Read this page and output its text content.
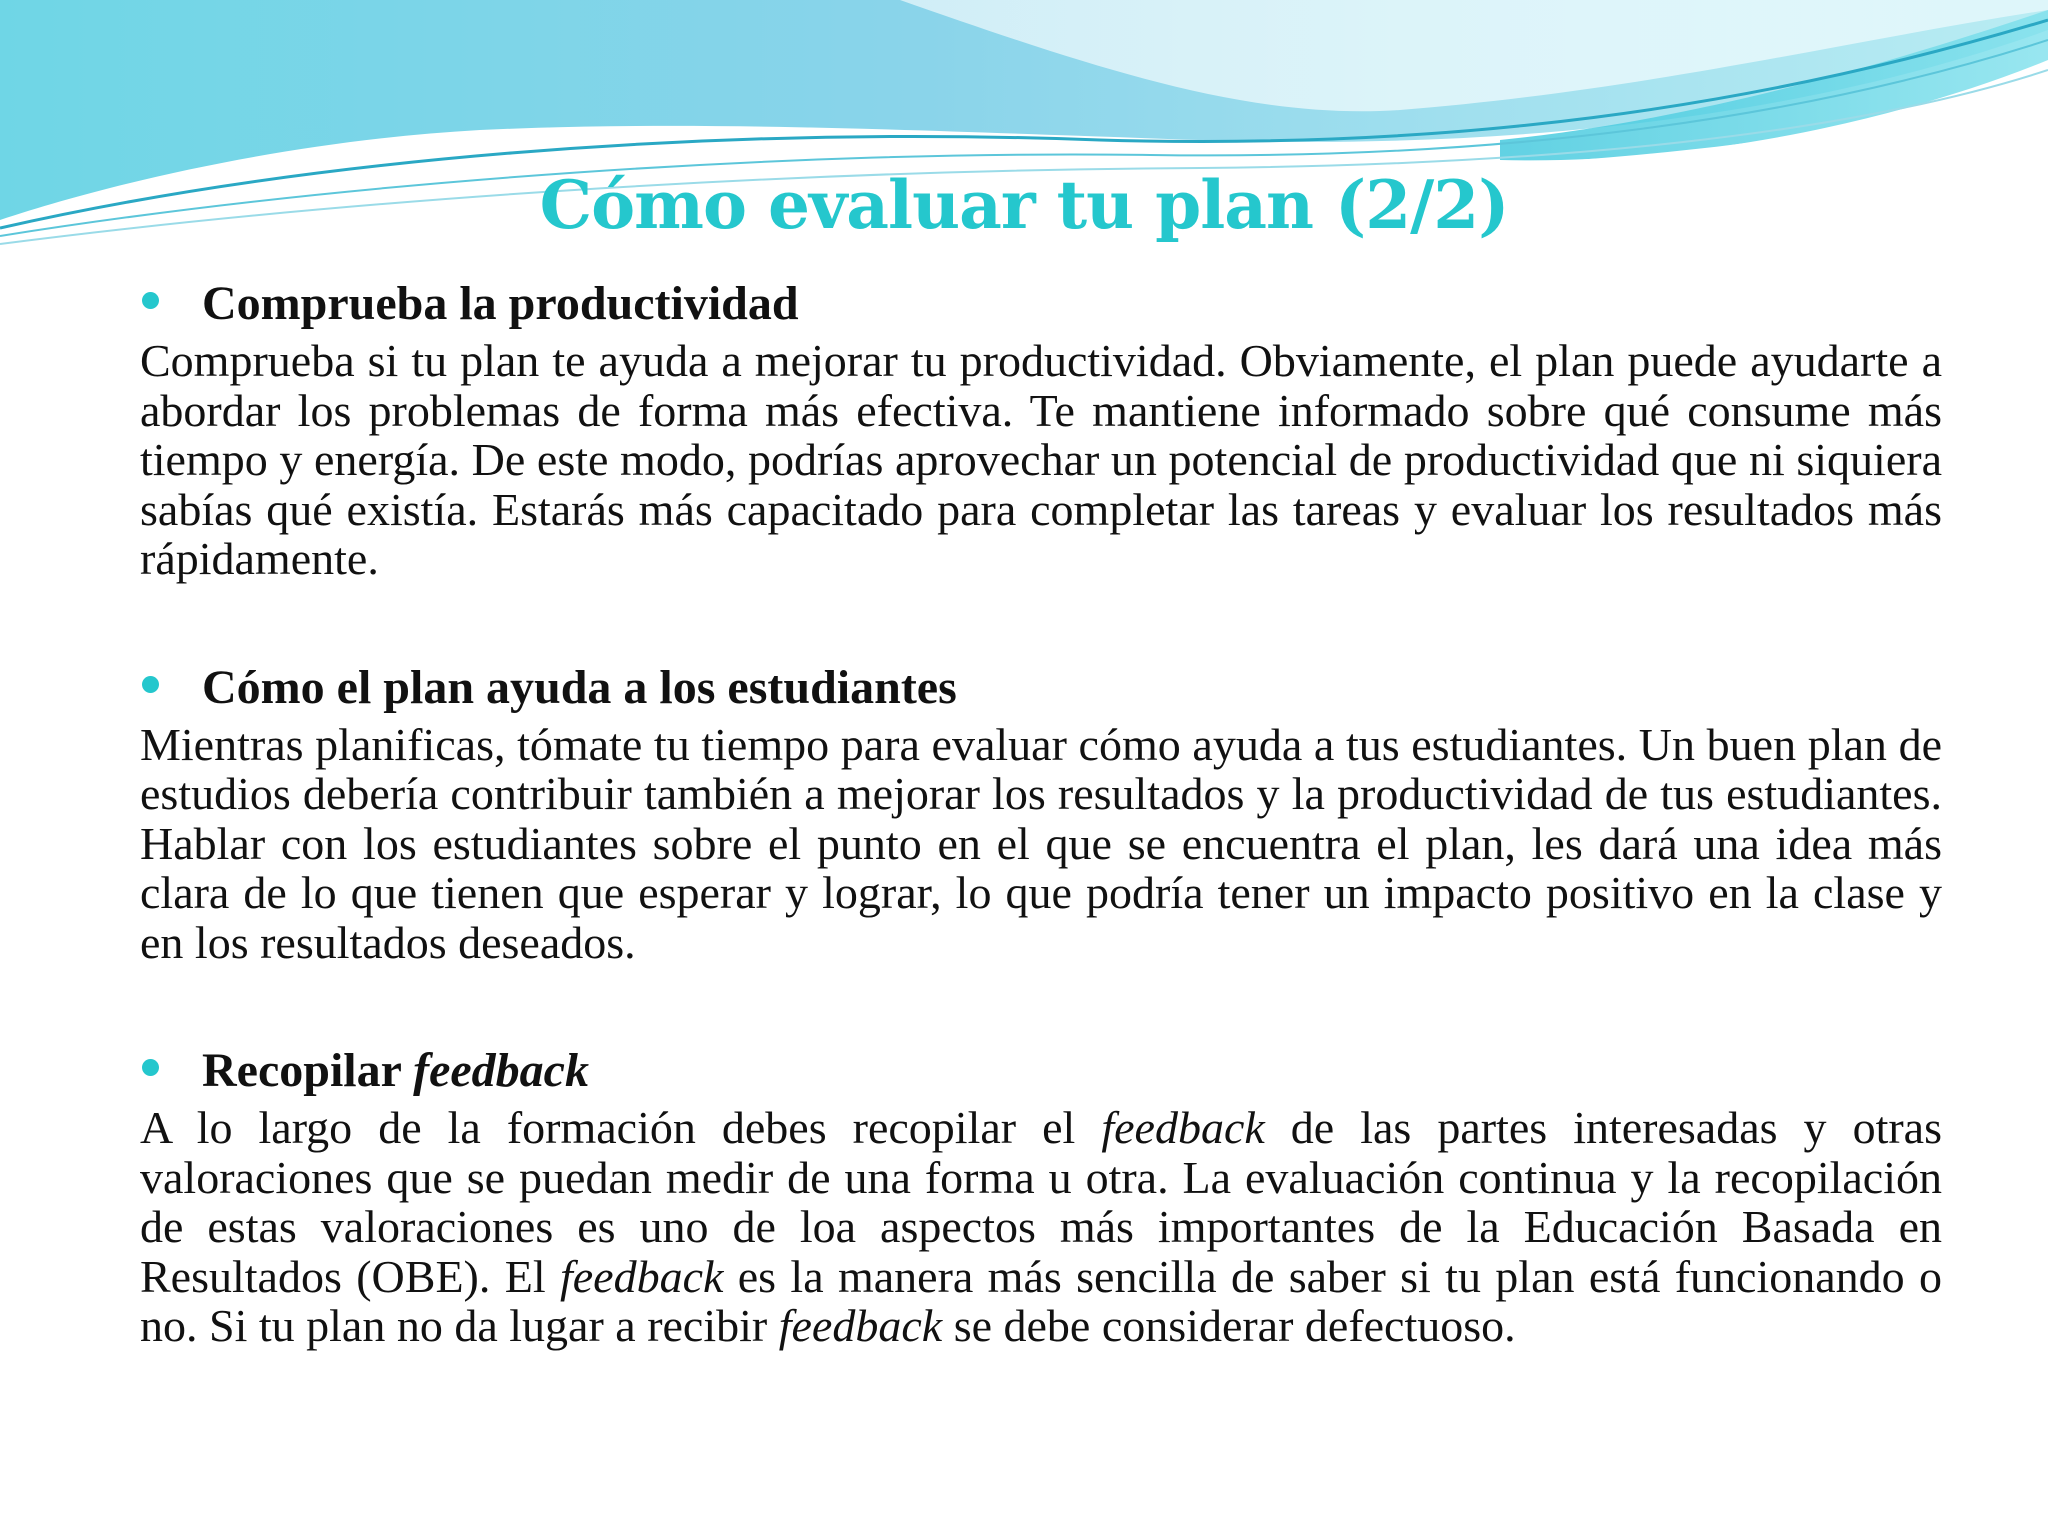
Cómo evaluar tu plan (2/2)
Comprueba la productividad

Comprueba si tu plan te ayuda a mejorar tu productividad. Obviamente, el plan puede ayudarte a abordar los problemas de forma más efectiva. Te mantiene informado sobre qué consume más tiempo y energía. De este modo, podrías aprovechar un potencial de productividad que ni siquiera sabías qué existía. Estarás más capacitado para completar las tareas y evaluar los resultados más rápidamente.

Cómo el plan ayuda a los estudiantes

Mientras planificas, tómate tu tiempo para evaluar cómo ayuda a tus estudiantes. Un buen plan de estudios debería contribuir también a mejorar los resultados y la productividad de tus estudiantes. Hablar con los estudiantes sobre el punto en el que se encuentra el plan, les dará una idea más clara de lo que tienen que esperar y lograr, lo que podría tener un impacto positivo en la clase y en los resultados deseados.

Recopilar feedback

A lo largo de la formación debes recopilar el feedback de las partes interesadas y otras valoraciones que se puedan medir de una forma u otra. La evaluación continua y la recopilación de estas valoraciones es uno de loa aspectos más importantes de la Educación Basada en Resultados (OBE). El feedback es la manera más sencilla de saber si tu plan está funcionando o no. Si tu plan no da lugar a recibir feedback se debe considerar defectuoso.
